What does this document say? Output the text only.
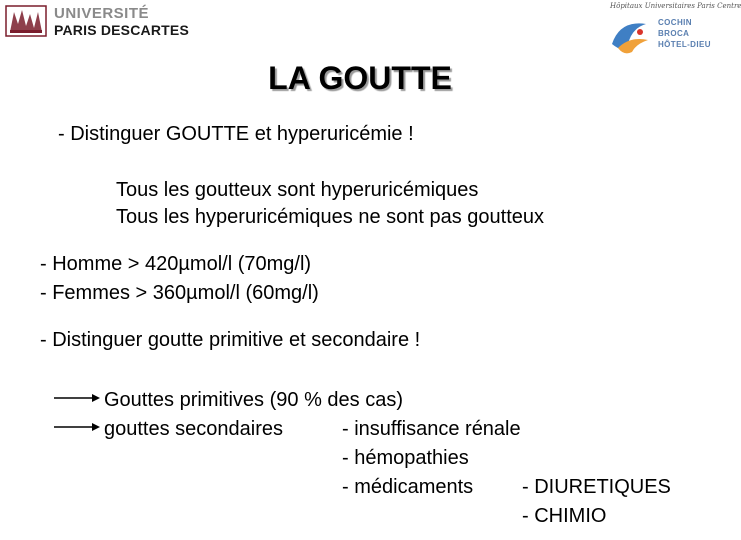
UNIVERSITÉ
PARIS DESCARTES
Hôpitaux Universitaires Paris Centre
COCHIN
BROCA
HÔTEL-DIEU
LA GOUTTE
- Distinguer GOUTTE et hyperuricémie !
Tous les goutteux sont hyperuricémiques
Tous les hyperuricémiques ne sont pas goutteux
- Homme > 420µmol/l (70mg/l)
- Femmes > 360µmol/l (60mg/l)
- Distinguer goutte primitive et secondaire !
Gouttes primitives (90 % des cas)
gouttes secondaires	- insuffisance rénale
- hémopathies
- médicaments - DIURETIQUES
- CHIMIO
